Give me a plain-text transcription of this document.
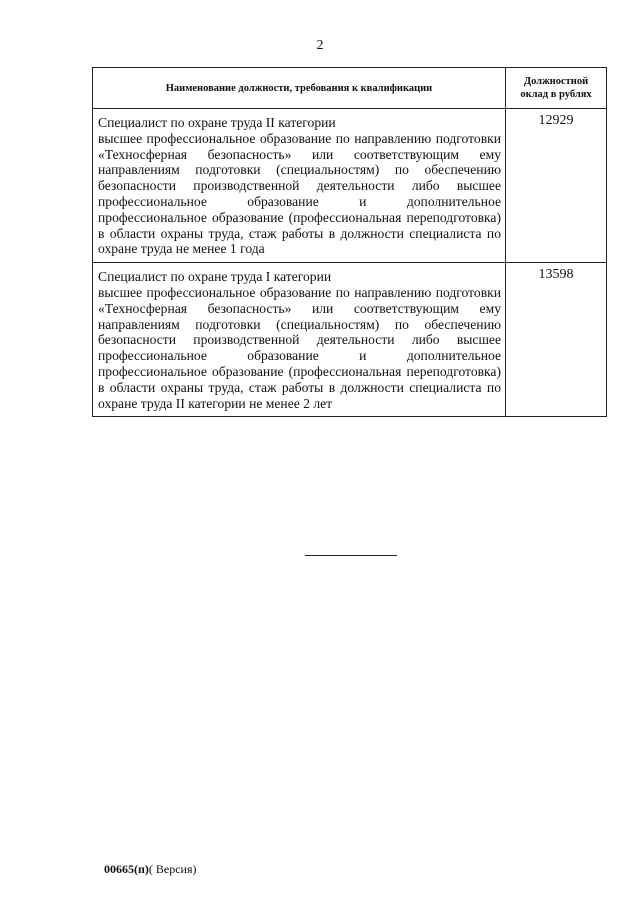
2
Наименование должности, требования к квалификации	Должностной оклад в рублях

Специалист по охране труда II категории
высшее профессиональное образование по направлению подготовки «Техносферная безопасность» или соответствующим ему направлениям подготовки (специальностям) по обеспечению безопасности производственной деятельности либо высшее профессиональное образование и дополнительное профессиональное образование (профессиональная переподготовка) в области охраны труда, стаж работы в должности специалиста по охране труда не менее 1 года	12929

Специалист по охране труда I категории
высшее профессиональное образование по направлению подготовки «Техносферная безопасность» или соответствующим ему направлениям подготовки (специальностям) по обеспечению безопасности производственной деятельности либо высшее профессиональное образование и дополнительное профессиональное образование (профессиональная переподготовка) в области охраны труда, стаж работы в должности специалиста по охране труда II категории не менее 2 лет	13598
00665(п)( Версия)
